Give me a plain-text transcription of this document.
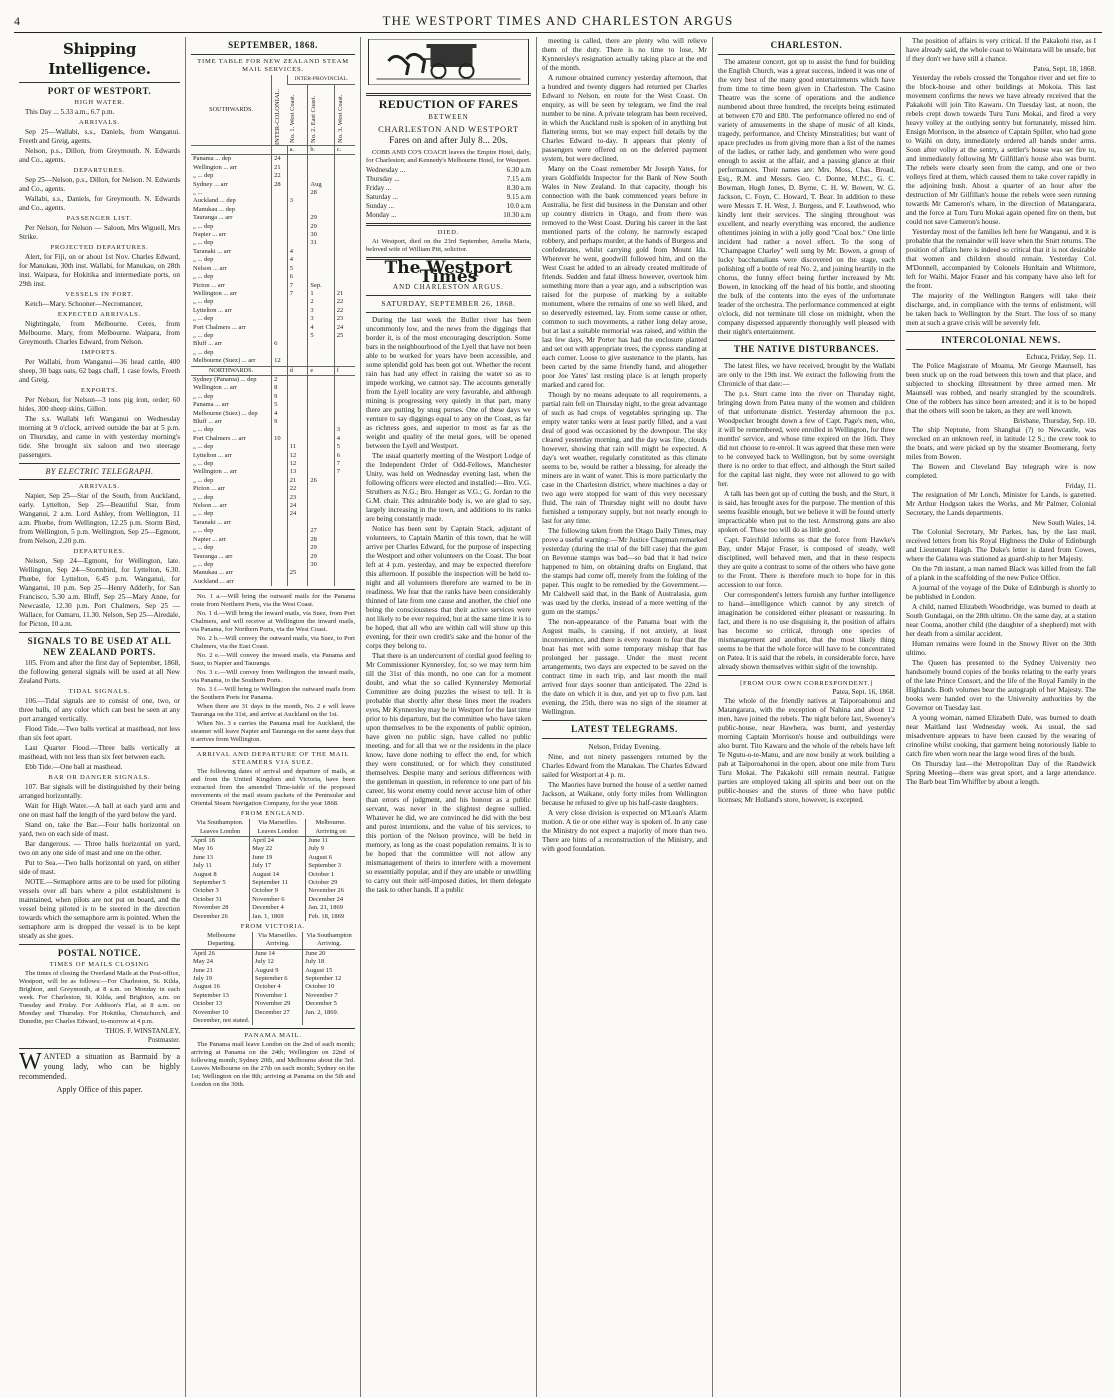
4	THE WESTPORT TIMES AND CHARLESTON ARGUS
Shipping Intelligence.
PORT OF WESTPORT.
HIGH WATER.

This Day ... 5.33 a.m., 6.7 p.m.

ARRIVALS.

Sep 25—Wallabi, s.s., Daniels, from Wanganui. Freeth and Greig, agents.

Nelson, p.s., Dillon, from Greymouth. N. Edwards and Co., agents.

DEPARTURES.

Sep 25—Nelson, p.s., Dillon, for Nelson. N. Edwards and Co., agents.

Wallabi, s.s., Daniels, for Greymouth. N. Edwards and Co., agents.

PASSENGER LIST.

Per Nelson, for Nelson — Saloon, Mrs Wiguell, Mrs Strike.

PROJECTED DEPARTURES.

Alert, for Fiji, on or about 1st Nov. Charles Edward, for Manukau, 30th inst. Wallabi, for Manukau, on 28th inst. Waipara, for Hokitika and intermediate ports, on 29th inst.

VESSELS IN PORT.

Ketch—Mary. Schooner—Necromancer,

EXPECTED ARRIVALS.

Nightingale, from Melbourne. Ceres, from Melbourne. Mary, from Melbourne. Waipara, from Greymouth. Charles Edward, from Nelson.

IMPORTS.

Per Wallabi, from Wanganui—36 head cattle, 400 sheep, 30 bags oats, 62 bags chaff, 1 case fowls, Freeth and Greig.

EXPORTS.

Per Nelson, for Nelson—3 tons pig iron, order; 60 hides, 300 sheep skins, Gillon.

The s.s. Wallabi left Wanganui on Wednesday morning at 9 o'clock, arrived outside the bar at 5 p.m. on Thursday, and came in with yesterday morning's tide. She brought six saloon and two steerage passengers.

BY ELECTRIC TELEGRAPH.
ARRIVALS.

Napier, Sep 25—Star of the South, from Auckland, early. Lyttelton, Sep 25—Beautiful Star, from Wanganui, 2 a.m. Lord Ashley, from Wellington, 11 a.m. Phœbe, from Wellington, 12.25 p.m. Storm Bird, from Wellington, 5 p.m. Wellington, Sep 25—Egmont, from Nelson, 2.20 p.m.

DEPARTURES.

Nelson, Sep 24—Egmont, for Wellington, late. Wellington, Sep 24—Stormbird, for Lyttelton, 6.30. Phœbe, for Lyttelton, 6.45 p.m. Wanganui, for Wanganui, 10 p.m. Sep 25—Henry Adderly, for San Francisco, 5.30 a.m. Bluff, Sep 25—Mary Anne, for Newcastle, 12.30 p.m. Port Chalmers, Sep 25 — Wallace, for Oamaru, 11.30. Nelson, Sep 25—Airedale, for Picton, 10 a.m.

SIGNALS TO BE USED AT ALL NEW ZEALAND PORTS.

105. From and after the first day of September, 1868, the following general signals will be used at all New Zealand Ports.

TIDAL SIGNALS.

106.—Tidal signals are to consist of one, two, or three balls, of any color which can best be seen at any port arranged vertically.

Flood Tide.—Two balls vertical at masthead, not less than six feet apart.

Last Quarter Flood.—Three balls vertically at masthead, with not less than six feet between each.

Ebb Tide.—One ball at masthead.

BAR OR DANGER SIGNALS.

107. Bar signals will be distinguished by their being arranged horizontally.

Wait for High Water.—A ball at each yard arm and one on mast half the length of the yard below the yard.

Stand on, take the Bar.—Four balls horizontal on yard, two on each side of mast.

Bar dangerous. — Three balls horizontal on yard, two on any one side of mast and one on the other.

Put to Sea.—Two balls horizontal on yard, on either side of mast.

NOTE.—Semaphore arms are to be used for piloting vessels over all bars where a pilot establishment is maintained, when pilots are not put on board, and the vessel being piloted is to be steered in the direction towards which the semaphore arm is pointed. When the semaphore arm is dropped the vessel is to be kept steady as she goes.

POSTAL NOTICE.
TIMES OF MAILS CLOSING

The times of closing the Overland Mails at the Post-office, Westport, will be as follows:—For Charleston, St. Kilda, Brighton, and Greymouth, at 8 a.m. on Monday in each week. For Charleston, St. Kilda, and Brighton, a.m. on Tuesday and Friday. For Addison's Flat, at 8 a.m. on Monday and Thursday. For Hokitika, Christchurch, and Dunedin, per Charles Edward, to-morrow at 4 p.m.

THOS. F. WINSTANLEY,
Postmaster.
W ANTED a situation as Barmaid by a young lady, who can be highly recommended.
Apply Office of this paper.
SEPTEMBER, 1868.
TIME TABLE FOR NEW ZEALAND STEAM MAIL SERVICES.
SOUTHWARDS.	INTER-COLONIAL.	INTER-PROVINCIAL.		

		No. 1. West Coast.	No. 2. East Coast.	No. 3. West Coast.

		a.	b.	c.
Panama ... dep	24			
Wellington ... arr	21			
„ ... dep	22			
Sydney ... arr	28		Aug	
„ ...			28	
Auckland ... dep		3		
Manukau ... dep				
Tauranga ... arr			29	
„ ... dep			29	
Napier ... arr			30	
„ ... dep			31	
Taranaki ... arr		4		
„ ... dep		4		
Nelson ... arr		5		
„ ... dep		6		
Picton ... arr		7	Sep.	
Wellington ... arr		7	1	21
„ ... dep			2	22
Lyttelton ... arr			3	22
„ ... dep			3	23
Port Chalmers ... arr			4	24
„ ... dep			5	25
Bluff ... arr	6			
„ ... dep				
Melbourne (Suez) ... arr	12			
NORTHWARDS.		d	e	f
Sydney (Panama) ... dep	2			
Wellington ... arr	8			
„ ... dep	9			
Panama ... arr	5			
Melbourne (Suez) ... dep	4			
Bluff ... arr	9			
„ ... dep				3
Port Chalmers ... arr	10			4
„ ... dep		11		5
Lyttelton ... arr		12		6
„ ... dep		12		7
Wellington ... arr		13		7
„ ... dep		21	26	
Picton ... arr		22		
„ ... dep		23		
Nelson ... arr		24		
„ ... dep		24		
Taranaki ... arr				
„ ... dep			27	
Napier ... arr			28	
„ ... dep			29	
Tauranga ... arr			29	
„ ... dep			30	
Manukau ... arr		25		
Auckland ... arr				

No. 1 a.—Will bring the outward mails for the Panama route from Northern Ports, via the West Coast.

No. 1 d.—Will bring the inward mails, via Suez, from Port Chalmers, and will receive at Wellington the inward mails, via Panama, for Northern Ports, via the West Coast.

No. 2 b.—Will convey the outward mails, via Suez, to Port Chalmers, via the East Coast.

No. 2 e.—Will convey the inward mails, via Panama and Suez, to Napier and Tauranga.

No. 3 c.—Will convey from Wellington the inward mails, via Panama, to the Southern Ports.

No. 3 f.—Will bring to Wellington the outward mails from the Southern Ports for Panama.

When there are 31 days in the month, No. 2 e will leave Tauranga on the 31st, and arrive at Auckland on the 1st.

When No. 3 e carries the Panama mail for Auckland, the steamer will leave Napier and Tauranga on the same days that it arrives from Wellington.

ARRIVAL AND DEPARTURE OF THE MAIL STEAMERS VIA SUEZ.

The following dates of arrival and departure of mails, at and from the United Kingdom and Victoria, have been extracted from the amended Time-table of the proposed movements of the mail steam packets of the Peninsular and Oriental Steam Navigation Company, for the year 1868.

FROM ENGLAND.
Via Southampton. Leaves London	Via Marseilles. Leaves London	Melbourne. Arriving on
April 18	April 24	June 11
May 16	May 22	July 9
June 13	June 19	August 6
July 11	July 17	September 3
August 8	August 14	October 1
September 5	September 11	October 29
October 3	October 9	November 26
October 31	November 6	December 24
November 28	December 4	Jan. 21, 1869
December 26	Jan. 1, 1869	Feb. 18, 1869
FROM VICTORIA.
Melbourne Departing.	Via Marseilles. Arriving.	Via Southampton Arriving.
April 26	June 14	June 20
May 24	July 12	July 18
June 21	August 9	August 15
July 19	September 6	September 12
August 16	October 4	October 10
September 13	November 1	November 7
October 13	November 29	December 5
November 10	December 27	Jan. 2, 1869.
December, not stated.		
PANAMA MAIL.

The Panama mail leave London on the 2nd of each month; arriving at Panama on the 24th; Wellington on 22nd of following month; Sydney 20th, and Melbourne about the 3rd. Leaves Melbourne on the 27th on each month; Sydney on the 1st; Wellington on the 8th; arriving at Panama on the 5th and London on the 30th.

REDUCTION OF FARES
BETWEEN
CHARLESTON AND WESTPORT
Fares on and after July 8... 20s.

COBB AND CO'S COACH leaves the Empire Hotel, daily, for Charleston; and Kennedy's Melbourne Hotel, for Westport.

Wednesday ...	6.30 a.m
Thursday ...	7.15 a.m
Friday ...	8.30 a.m
Saturday ...	9.15 a.m
Sunday ...	10.0 a.m
Monday ...	10.30 a.m
DIED.

At Westport, died on the 23rd September, Amelia Maria, beloved wife of William Pitt, solicitor.

The Westport Times
AND CHARLESTON ARGUS.
SATURDAY, SEPTEMBER 26, 1868.

During the last week the Buller river has been uncommonly low, and the news from the diggings that border it, is of the most encouraging description. Some bars in the neighbourhood of the Lyell that have not been able to be worked for years have been accessible, and some splendid gold has been got out. Whether the recent rain has had any effect in raising the water so as to impede working, we cannot say. The accounts generally from the Lyell locality are very favorable, and although mining is progressing very quietly in that part, many there are putting by snug purses. One of these days we venture to say diggings equal to any on the Coast, as far as richness goes, and superior to most as far as the weight and quality of the metal goes, will be opened between the Lyell and Westport.

The usual quarterly meeting of the Westport Lodge of the Independent Order of Odd-Fellows, Manchester Unity, was held on Wednesday evening last, when the following officers were elected and installed:—Bro. V.G. Struthers as N.G.; Bro. Hunger as V.G.; G. Jordan to the G.M. chair. This admirable body is, we are glad to say, largely increasing in the town, and additions to its ranks are being constantly made.

Notice has been sent by Captain Stack, adjutant of volunteers, to Captain Martin of this town, that he will arrive per Charles Edward, for the purpose of inspecting the Westport and other volunteers on the Coast. The boat left at 4 p.m. yesterday, and may be expected therefore this afternoon. If possible the inspection will be held to-night and all volunteers therefore are warned to be in readiness. We fear that the ranks have been considerably thinned of late from one cause and another, the chief one being the consciousness that their active services were not likely to be ever required, but at the same time it is to be hoped, that all who are within call will show up this evening, for their own credit's sake and the honor of the corps they belong to.

That there is an undercurrent of cordial good feeling to Mr Commissioner Kynnersley, for, so we may term him till the 31st of this month, no one can for a moment doubt, and what the so called Kynnersley Memorial Committee are doing puzzles the wisest to tell. It is probable that shortly after these lines meet the readers eyes, Mr Kynnersley may be in Westport for the last time prior to his departure, but the committee who have taken upon themselves to be the exponents of public opinion, have given no public sign, have called no public meeting, and for all that we or the residents in the place know, have done nothing to effect the end, for which they were constituted, or for which they constituted themselves. Despite many and serious differences with the gentleman in question, in reference to one part of his career, his worst enemy could never accuse him of other than errors of judgment, and his honour as a public servant, was never in the slightest degree sullied. Whatever he did, we are convinced he did with the best and purest intentions, and the value of his services, to this portion of the Nelson province, will be held in memory, as long as the coast population remains. It is to be hoped that the committee will not allow any mismanagement of theirs to interfere with a movement so essentially popular, and if they are unable or unwilling to carry out their self-imposed duties, let them delegate the task to other hands. If a public

meeting is called, there are plenty who will relieve them of the duty. There is no time to lose, Mr Kynnersley's resignation actually taking place at the end of the month.

A rumour obtained currency yesterday afternoon, that a hundred and twenty diggers had returned per Charles Edward to Nelson, en route for the West Coast. On enquiry, as will be seen by telegram, we find the real number to be nine. A private telegram has been received, in which the Auckland rush is spoken of in anything but flattering terms, but we may expect full details by the Charles Edward to-day. It appears that plenty of passengers were offered on on the deferred payment system, but were declined.

Many on the Coast remember Mr Joseph Yates, for years Goldfields Inspector for the Bank of New South Wales in New Zealand. In that capacity, though his connection with the bank commenced years before in Australia, he first did business in the Dunstan and other up country districts in Otago, and from there was removed to the West Coast. During his career in the last mentioned parts of the colony, he narrowly escaped robbery, and perhaps murder, at the hands of Burgess and confederates, whilst carrying gold from Mount Ida. Wherever he went, goodwill followed him, and on the West Coast he added to an already created multitude of friends. Sudden and fatal illness however, overtook him something more than a year ago, and a subscription was raised for the purpose of marking by a suitable monument, where the remains of one so well liked, and so deservedly esteemed, lay. From some cause or other, common to such movements, a rather long delay arose, but at last a suitable memorial was raised, and within the last few days, Mr Porter has had the enclosure planted and set out with appropriate trees, the cypress standing at each corner. Loose to give sustenance to the plants, has been carted by the same friendly hand, and altogether poor Joe Yates' last resting place is at length properly marked and cared for.

Though by no means adequate to all requirements, a partial rain fell on Thursday night, to the great advantage of such as had crops of vegetables springing up. The empty water tanks were at least partly filled, and a vast deal of good was occasioned by the downpour. The sky cleared yesterday morning, and the day was fine, clouds however, showing that rain will might be expected. A day's wet weather, regularly constituted as this climate seems to be, would be rather a blessing, for already the miners are in want of water. This is more particularly the case in the Charleston district, where machines a day or two ago were stopped for want of this very necessary fluid. The rain of Thursday night will no doubt have furnished a temporary supply, but not nearly enough to last for any time.

The following taken from the Otago Daily Times, may prove a useful warning:—'Mr Justice Chapman remarked yesterday (during the trial of the bill case) that the gum on Revenue stamps was bad—so bad that it had twice happened to him, on obtaining drafts on England, that the stamps had come off, merely from the folding of the paper. This ought to be remedied by the Government.—Mr Caldwell said that, in the Bank of Australasia, gum was used by the clerks, instead of a mere wetting of the gum on the stamps.'

The non-appearance of the Panama boat with the August mails, is causing, if not anxiety, at least inconvenience, and there is every reason to fear that the boat has met with some temporary mishap that has prolonged her passage. Under the most recent arrangements, two days are expected to be saved on the contract time in each trip, and last month the mail arrived four days sooner than anticipated. The 22nd is the date on which it is due, and yet up to five p.m. last evening, the 25th, there was no sign of the steamer at Wellington.

LATEST TELEGRAMS.
Nelson, Friday Evening.

Nine, and not ninety passengers returned by the Charles Edward from the Manakau. The Charles Edward sailed for Westport at 4 p. m.

The Maories have burned the house of a settler named Jackson, at Waikane, only forty miles from Wellington because he refused to give up his half-caste daughters.

A very close division is expected on M'Lean's Alarm motion. A tie or one either way is spoken of. In any case the Ministry do not expect a majority of more than two. There are hints of a reconstruction of the Ministry, and with good foundation.

CHARLESTON.

The amateur concert, got up to assist the fund for building the English Church, was a great success, indeed it was one of the very best of the many good entertainments which have from time to time been given in Charleston. The Casino Theatre was the scene of operations and the audience numbered about three hundred, the receipts being estimated at between £70 and £80. The performance offered no end of variety of amusements in the shape of music of all kinds, tragedy, performance, and Christy Minstralities; but want of space precludes us from giving more than a list of the names of the ladies, or rather lady, and gentlemen who were good enough to assist at the affair, and a passing glance at their performances. Their names are: Mrs. Moss, Chas. Broad, Esq., R.M. and Messrs. Geo. C. Donne, M.P.C., G. C. Bowman, Hugh Jones, D. Byrne, C. H. W. Bowen, W. G. Jackson, C. Foyn, C. Howard, T. Bear. In addition to these were Messrs T. H. West, J. Burgess, and F. Leathwood, who kindly lent their services. The singing throughout was excellent, and nearly everything was encored, the audience oftentimes joining in with a jolly good "Coal box." One little incident had rather a novel effect. To the song of "Champagne Charley" well sung by Mr. Bowen, a group of lucky bacchanalians were discovered on the stage, each polishing off a bottle of real No. 2, and joining heartily in the chorus, the funny effect being further increased by Mr. Bowen, in knocking off the head of his bottle, and shooting the bulk of the contents into the eyes of the unfortunate leader of the orchestra. The performance commenced at eight o'clock, did not terminate till close on midnight, when the company dispersed apparently thoroughly well pleased with their night's entertainment.

THE NATIVE DISTURBANCES.

The latest files, we have received, brought by the Wallabi are only to the 19th inst. We extract the following from the Chronicle of that date:—

The p.s. Sturt came into the river on Thursday night, bringing down from Patea many of the women and children of that unfortunate district. Yesterday afternoon the p.s. Woodpecker brought down a few of Capt. Page's men, who, it will be remembered, were enrolled in Wellington, for three months' service, and whose time expired on the 16th. They did not choose to re-enrol. It was agreed that these men were to be conveyed back to Wellington, but by some oversight there is no order to that effect, and although the Sturt sailed for the capital last night, they were not allowed to go with her.

A talk has been got up of cutting the bush, and the Sturt, it is said, has brought axes for the purpose. The mention of this seems feasible enough, but we believe it will be found utterly impracticable when put to the test. Armstrong guns are also spoken of. These too will do as little good.

Capt. Fairchild informs us that the force from Hawke's Bay, under Major Fraser, is composed of steady, well disciplined, well behaved men, and that in these respects they are quite a contrast to some of the others who have gone to the Front. There is therefore much to hope for in this accession to our force.

Our correspondent's letters furnish any further intelligence to hand—intelligence which cannot by any stretch of imagination be considered either pleasant or reassuring. In fact, and there is no use disguising it, the position of affairs has become so critical, through one species of mismanagement and another, that the most likely thing seems to be that the whole force will have to be concentrated on Patea. It is said that the rebels, in considerable force, have already shown themselves within sight of the township.

[FROM OUR OWN CORRESPONDENT.]
Patea, Sept. 16, 1868.

The whole of the friendly natives at Taiporoahonui and Matangarara, with the exception of Nahina and about 12 men, have joined the rebels. The night before last, Sweeney's public-house, near Hawhera, was burnt, and yesterday morning Captain Morrison's house and outbuildings were also burnt. Tito Kawaru and the whole of the rebels have left Te Ngutu-o-te-Manu, and are now busily at work building a pah at Taiporoahonui in the open, about one mile from Turu Turu Mokai. The Pakakohi still remain neutral. Fatigue parties are employed taking all spirits and beer out on the public-houses and the stores of three who have public licenses; Mr Holland's store, however, is excepted.

The position of affairs is very critical. If the Pakakohi rise, as I have already said, the whole coast to Waitotara will be unsafe, but if they don't we have still a chance.

Patea, Sept. 18, 1868.

Yesterday the rebels crossed the Tongahoe river and set fire to the block-house and other buildings at Mokoia. This last movement confirms the news we have already received that the Pakakohi will join Tito Kawaru. On Tuesday last, at noon, the rebels crept down towards Turu Turu Mokai, and fired a very heavy volley at the outlying sentry but fortunately, missed him. Ensign Morrison, in the absence of Captain Spiller, who had gone to Waihi on duty, immediately ordered all hands under arms. Soon after volley at the sentry, a settler's house was set fire to, and immediately following Mr Gilfillan's house also was burnt. The rebels were clearly seen from the camp, and one or two volleys fired at them, which caused them to take cover rapidly in the adjoining bush. About a quarter of an hour after the destruction of Mr Gilfillan's house the rebels were seen running towards Mr Cameron's whare, in the direction of Matangarara, and the force at Turu Turu Mokai again opened fire on them, but could not save Cameron's house.

Yesterday most of the families left here for Wanganui, and it is probable that the remainder will leave when the Sturt returns. The position of affairs here is indeed so critical that it is not desirable that women and children should remain. Yesterday Col. M'Donnell, accompanied by Colonels Hunltain and Whitmore, left for Waihi. Major Fraser and his company have also left for the front.

The majority of the Wellington Rangers will take their discharge, and, in compliance with the terms of enlistment, will be taken back to Wellington by the Sturt. The loss of so many men at such a grave crisis will be severely felt.

INTERCOLONIAL NEWS.
Echuca, Friday, Sep. 11.

The Police Magistrate of Moama, Mr George Maunsell, has been stuck up on the road between this town and that place, and subjected to shocking illtreatment by three armed men. Mr Maunsell was robbed, and nearly strangled by the scoundrels. One of the robbers has since been arrested; and it is to be hoped that the others will soon be taken, as they are well known.

Brisbane, Thursday, Sep. 10.

The ship Neptune, from Shanghai (?) to Newcastle, was wrecked on an unknown reef, in latitude 12 S.; the crew took to the boats, and were picked up by the steamer Boomerang, forty miles from Bowen.

The Bowen and Cleveland Bay telegraph wire is now completed.

Friday, 11.

The resignation of Mr Lonch, Minister for Lands, is gazetted. Mr Arthur Hodgson takes the Works, and Mr Palmer, Colonial Secretary, the Lands departments.

New South Wales, 14.

The Colonial Secretary, Mr Parkes, has, by the last mail, received letters from his Royal Highness the Duke of Edinburgh and Lieutenant Haigh. The Duke's letter is dated from Cowes, where the Galatea was stationed as guard-ship to her Majesty.

On the 7th instant, a man named Black was killed from the fall of a plank in the scaffolding of the new Police Office.

A journal of the voyage of the Duke of Edinburgh is shortly to be published in London.

A child, named Elizabeth Woodbridge, was burned to death at South Gundagai, on the 28th ultimo. On the same day, at a station near Cooma, another child (the daughter of a shepherd) met with her death from a similar accident.

Human remains were found in the Snowy River on the 30th ultimo.

The Queen has presented to the Sydney University two handsomely bound copies of the books relating to the early years of the late Prince Consort, and the life of the Royal Family in the Highlands. Both volumes bear the autograph of her Majesty. The books were handed over to the University authorities by the Governor on Tuesday last.

A young woman, named Elizabeth Dale, was burned to death near Maitland last Wednesday week. As usual, the sad misadventure appears to have been caused by the wearing of crinoline whilst cooking, that garment being notoriously liable to catch fire when worn near the large wood fires of the bush.

On Thursday last—the Metropolitan Day of the Randwick Spring Meeting—there was great sport, and a large attendance. The Barb beat Tim Whiffler by about a length.
